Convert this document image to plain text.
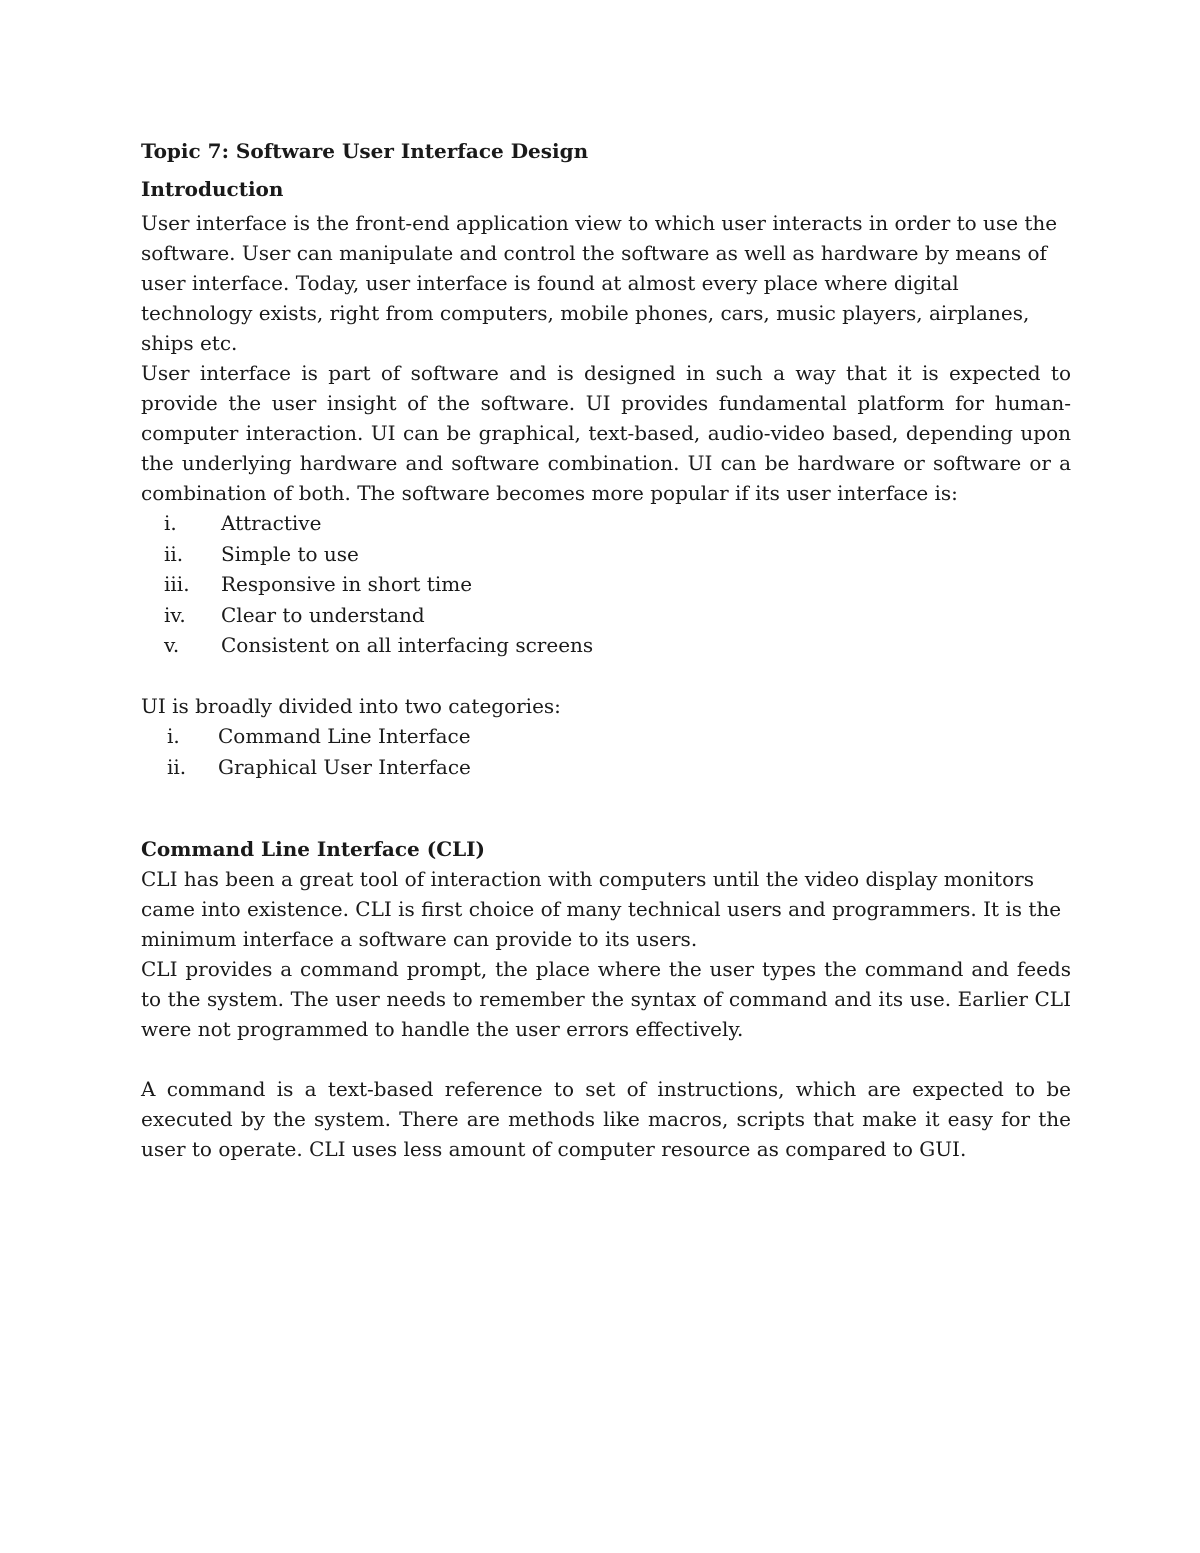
Topic 7: Software User Interface Design
Introduction

User interface is the front-end application view to which user interacts in order to use the software. User can manipulate and control the software as well as hardware by means of user interface. Today, user interface is found at almost every place where digital technology exists, right from computers, mobile phones, cars, music players, airplanes, ships etc.

User interface is part of software and is designed in such a way that it is expected to provide the user insight of the software. UI provides fundamental platform for human-computer interaction. UI can be graphical, text-based, audio-video based, depending upon the underlying hardware and software combination. UI can be hardware or software or a combination of both. The software becomes more popular if its user interface is:

i.	Attractive
ii.	Simple to use
iii.	Responsive in short time
iv.	Clear to understand
v.	Consistent on all interfacing screens

UI is broadly divided into two categories:

i.	Command Line Interface
ii.	Graphical User Interface
Command Line Interface (CLI)

CLI has been a great tool of interaction with computers until the video display monitors came into existence. CLI is first choice of many technical users and programmers. It is the minimum interface a software can provide to its users.

CLI provides a command prompt, the place where the user types the command and feeds to the system. The user needs to remember the syntax of command and its use. Earlier CLI were not programmed to handle the user errors effectively.

A command is a text-based reference to set of instructions, which are expected to be executed by the system. There are methods like macros, scripts that make it easy for the user to operate. CLI uses less amount of computer resource as compared to GUI.
